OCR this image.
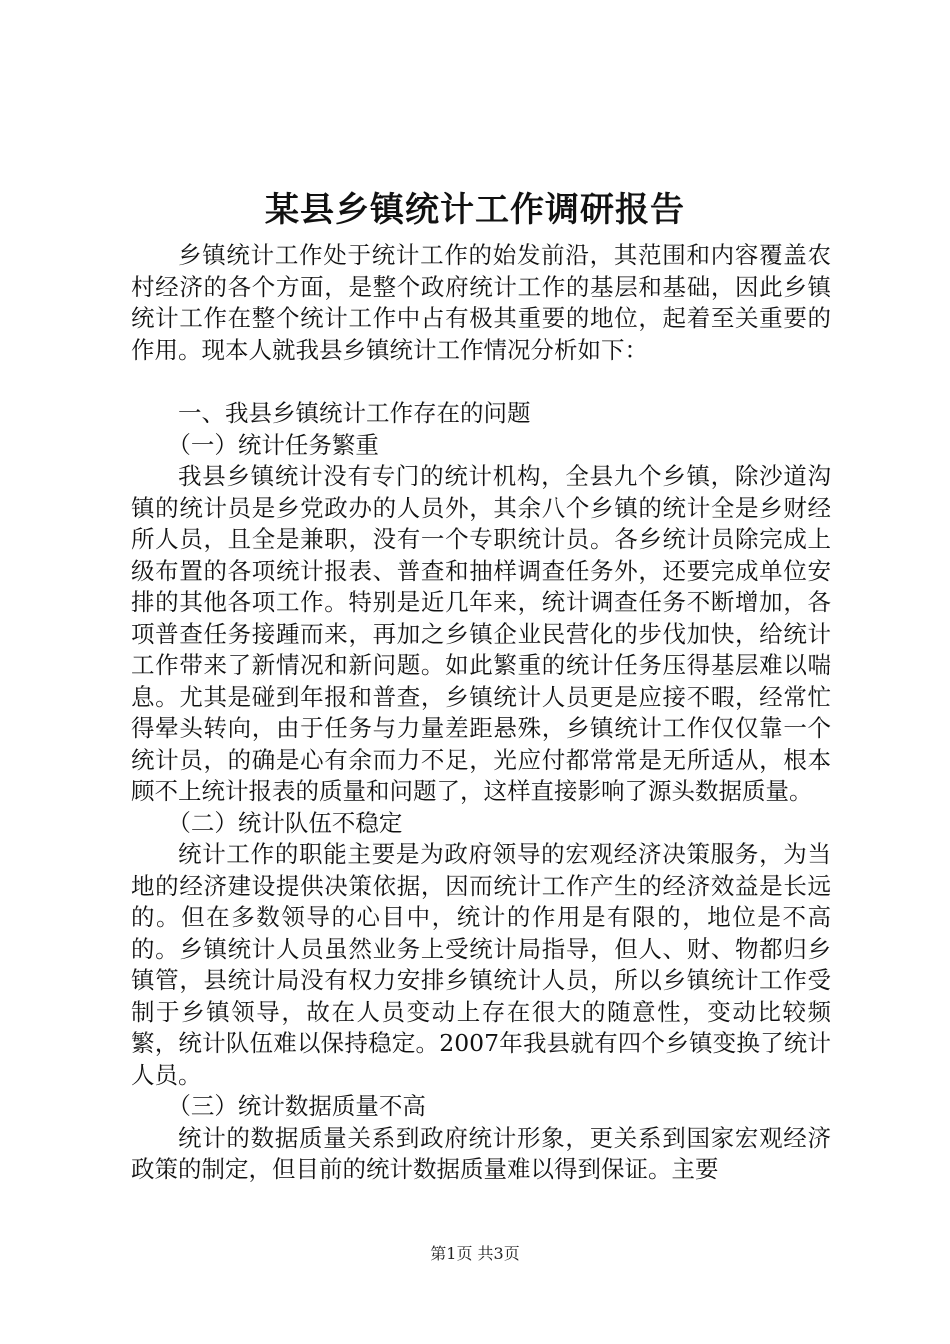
某县乡镇统计工作调研报告

乡镇统计工作处于统计工作的始发前沿，其范围和内容覆盖农村经济的各个方面，是整个政府统计工作的基层和基础，因此乡镇统计工作在整个统计工作中占有极其重要的地位，起着至关重要的作用。现本人就我县乡镇统计工作情况分析如下：

一、我县乡镇统计工作存在的问题

（一）统计任务繁重

我县乡镇统计没有专门的统计机构，全县九个乡镇，除沙道沟镇的统计员是乡党政办的人员外，其余八个乡镇的统计全是乡财经所人员，且全是兼职，没有一个专职统计员。各乡统计员除完成上级布置的各项统计报表、普查和抽样调查任务外，还要完成单位安排的其他各项工作。特别是近几年来，统计调查任务不断增加，各项普查任务接踵而来，再加之乡镇企业民营化的步伐加快，给统计工作带来了新情况和新问题。如此繁重的统计任务压得基层难以喘息。尤其是碰到年报和普查，乡镇统计人员更是应接不暇，经常忙得晕头转向，由于任务与力量差距悬殊，乡镇统计工作仅仅靠一个统计员，的确是心有余而力不足，光应付都常常是无所适从，根本顾不上统计报表的质量和问题了，这样直接影响了源头数据质量。

（二）统计队伍不稳定

统计工作的职能主要是为政府领导的宏观经济决策服务，为当地的经济建设提供决策依据，因而统计工作产生的经济效益是长远的。但在多数领导的心目中，统计的作用是有限的，地位是不高的。乡镇统计人员虽然业务上受统计局指导，但人、财、物都归乡镇管，县统计局没有权力安排乡镇统计人员，所以乡镇统计工作受制于乡镇领导，故在人员变动上存在很大的随意性，变动比较频繁，统计队伍难以保持稳定。2007年我县就有四个乡镇变换了统计人员。

（三）统计数据质量不高

统计的数据质量关系到政府统计形象，更关系到国家宏观经济政策的制定，但目前的统计数据质量难以得到保证。主要

第1页 共3页
